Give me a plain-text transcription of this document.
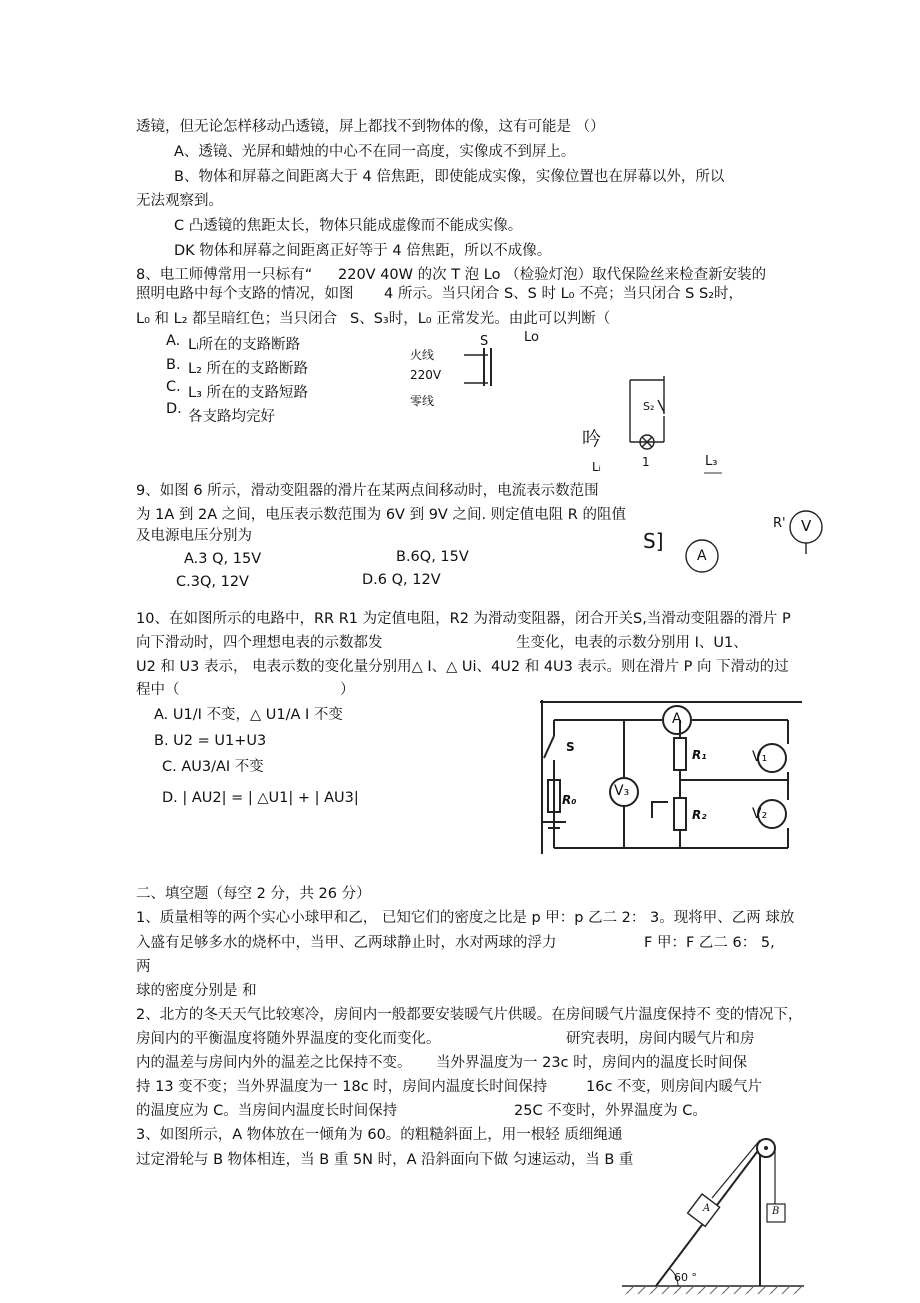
透镜，但无论怎样移动凸透镜，屏上都找不到物体的像，这有可能是 （）
A、透镜、光屏和蜡烛的中心不在同一高度，实像成不到屏上。
B、物体和屏幕之间距离大于 4 倍焦距，即使能成实像，实像位置也在屏幕以外，所以
无法观察到。
C 凸透镜的焦距太长，物体只能成虚像而不能成实像。
DK 物体和屏幕之间距离正好等于 4 倍焦距，所以不成像。
8、电工师傅常用一只标有“ 220V 40W 的次 T 泡 Lo （检验灯泡）取代保险丝来检查新安装的
照明电路中每个支路的情况，如图 4 所示。当只闭合 S、S 时 L₀ 不亮；当只闭合 S S₂时，
L₀ 和 L₂ 都呈暗红色；当只闭合 S、S₃时，L₀ 正常发光。由此可以判断（
A. Lᵢ所在的支路断路
B. L₂ 所在的支路断路
C. L₃ 所在的支路短路
D. 各支路均完好
火线
220V
零线
S	Lo
S₂
吟
Lᵢ	1	L₃
9、如图 6 所示，滑动变阻器的滑片在某两点间移动时，电流表示数范围
为 1A 到 2A 之间，电压表示数范围为 6V 到 9V 之间. 则定值电阻 R 的阻值
及电源电压分别为
A.3 Q, 15V	B.6Q, 15V
C.3Q, 12V	D.6 Q, 12V
R' V
S]
A
10、在如图所示的电路中，RR R1 为定值电阻，R2 为滑动变阻器，闭合开关S,当滑动变阻器的滑片 P
向下滑动时，四个理想电表的示数都发	生变化，电表的示数分别用 I、U1、
U2 和 U3 表示， 电表示数的变化量分别用△ I、△ Ui、4U2 和 4U3 表示。则在滑片 P 向 下滑动的过
程中（	）
A. U1/I 不变，△ U1/A I 不变
B. U2 = U1+U3
C. AU3/AI 不变
D. | AU2| = | △U1| + | AU3|
A
S
R₁	V₁
V₃
R₀
R₂	V₂
二、填空题（每空 2 分，共 26 分）
1、质量相等的两个实心小球甲和乙， 已知它们的密度之比是 p 甲：p 乙二 2： 3。现将甲、乙两 球放
入盛有足够多水的烧杯中，当甲、乙两球静止时，水对两球的浮力	F 甲：F 乙二 6： 5,
两
球的密度分别是 和
2、北方的冬天天气比较寒冷，房间内一般都要安装暖气片供暖。在房间暖气片温度保持不 变的情况下，
房间内的平衡温度将随外界温度的变化而变化。	研究表明，房间内暖气片和房
内的温差与房间内外的温差之比保持不变。 当外界温度为一 23c 时，房间内的温度长时间保
持 13 变不变；当外界温度为一 18c 时，房间内温度长时间保持	16c 不变，则房间内暖气片
的温度应为 C。当房间内温度长时间保持	25C 不变时，外界温度为 C。
3、如图所示，A 物体放在一倾角为 60。的粗糙斜面上，用一根轻 质细绳通
过定滑轮与 B 物体相连，当 B 重 5N 时，A 沿斜面向下做 匀速运动，当 B 重
A	B
60 °
